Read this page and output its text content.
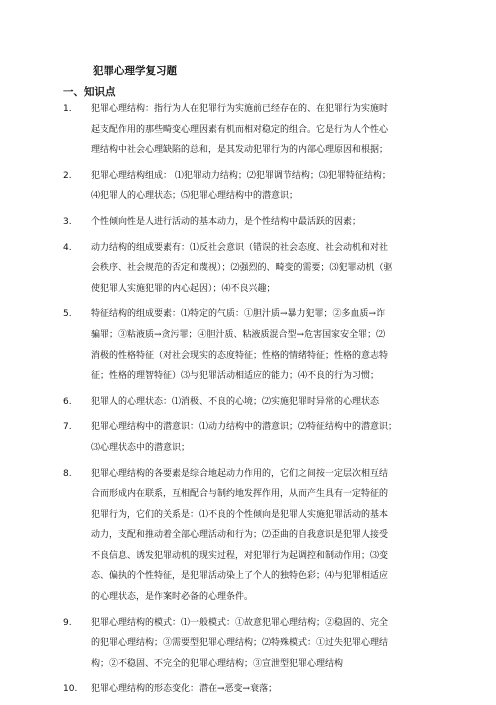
犯罪心理学复习题
一、知识点
1.	犯罪心理结构：指行为人在犯罪行为实施前已经存在的、在犯罪行为实施时
起支配作用的那些畸变心理因素有机而相对稳定的组合。它是行为人个性心
理结构中社会心理缺陷的总和，是其发动犯罪行为的内部心理原因和根据；
2.	犯罪心理结构组成： ⑴犯罪动力结构；⑵犯罪调节结构；⑶犯罪特征结构；
⑷犯罪人的心理状态；⑸犯罪心理结构中的潜意识；
3.	个性倾向性是人进行活动的基本动力，是个性结构中最活跃的因素；
4.	动力结构的组成要素有：⑴反社会意识（错误的社会态度、社会动机和对社
会秩序、社会规范的否定和蔑视）；⑵强烈的、畸变的需要；⑶犯罪动机（驱
使犯罪人实施犯罪的内心起因）；⑷不良兴趣；
5.	特征结构的组成要素：⑴特定的气质：①胆汁质→暴力犯罪；②多血质→诈
骗罪；③粘液质→贪污罪；④胆汁质、粘液质混合型→危害国家安全罪；⑵
消极的性格特征（对社会现实的态度特征；性格的情绪特征；性格的意志特
征；性格的理智特征）⑶与犯罪活动相适应的能力；⑷不良的行为习惯；
6.	犯罪人的心理状态：⑴消极、不良的心境；⑵实施犯罪时异常的心理状态
7.	犯罪心理结构中的潜意识：⑴动力结构中的潜意识；⑵特征结构中的潜意识；
⑶心理状态中的潜意识；
8.	犯罪心理结构的各要素是综合地起动力作用的，它们之间按一定层次相互结
合而形成内在联系，互相配合与制约地发挥作用，从而产生具有一定特征的
犯罪行为，它们的关系是：⑴不良的个性倾向是犯罪人实施犯罪活动的基本
动力，支配和推动着全部心理活动和行为；⑵歪曲的自我意识是犯罪人接受
不良信息、诱发犯罪动机的现实过程，对犯罪行为起调控和制动作用；⑶变
态、偏执的个性特征，是犯罪活动染上了个人的独特色彩；⑷与犯罪相适应
的心理状态，是作案时必备的心理条件。
9.	犯罪心理结构的模式：⑴一般模式：①故意犯罪心理结构；②稳固的、完全
的犯罪心理结构；③需要型犯罪心理结构；⑵特殊模式：①过失犯罪心理结
构；②不稳固、不完全的犯罪心理结构；③宣泄型犯罪心理结构
10.	犯罪心理结构的形态变化：潜在→恶变→衰落；
